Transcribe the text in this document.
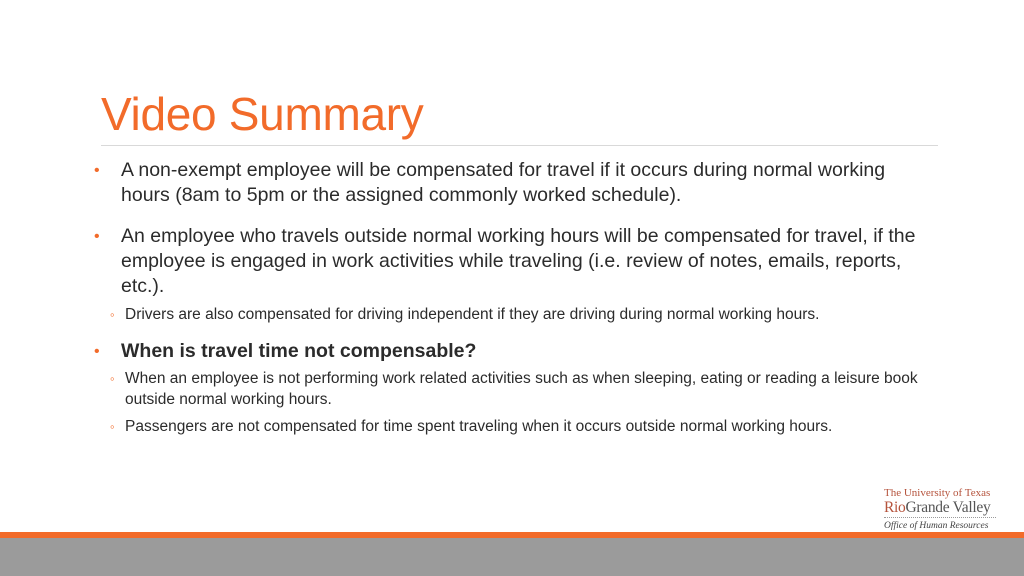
Video Summary
• A non-exempt employee will be compensated for travel if it occurs during normal working hours (8am to 5pm or the assigned commonly worked schedule).
• An employee who travels outside normal working hours will be compensated for travel, if the employee is engaged in work activities while traveling (i.e. review of notes, emails, reports, etc.).
◦ Drivers are also compensated for driving independent if they are driving during normal working hours.
• When is travel time not compensable?
◦ When an employee is not performing work related activities such as when sleeping, eating or reading a leisure book outside normal working hours.
◦ Passengers are not compensated for time spent traveling when it occurs outside normal working hours.
The University of Texas
RioGrande Valley
Office of Human Resources
